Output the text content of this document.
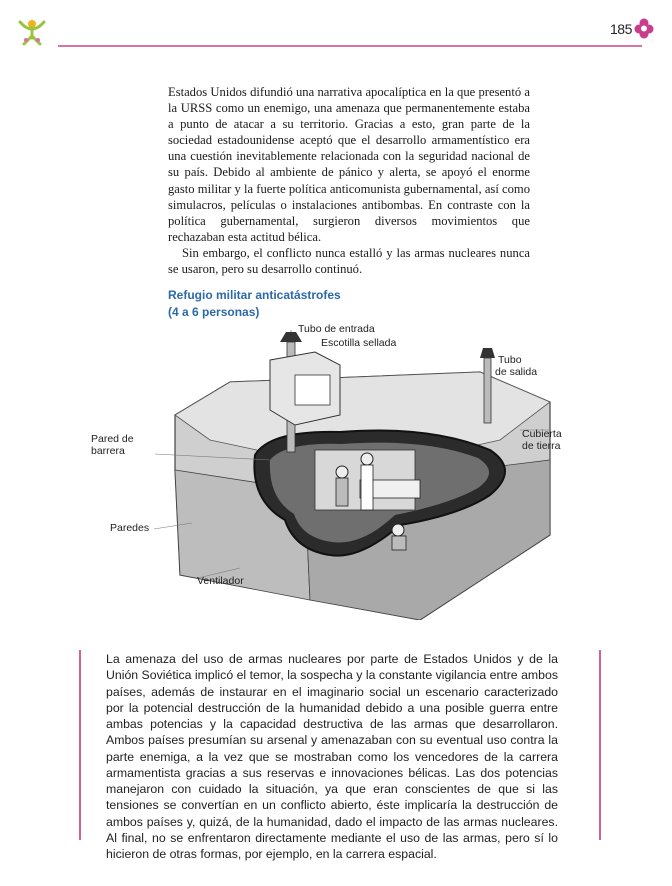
185

Estados Unidos difundió una narrativa apocalíptica en la que presentó a la URSS como un enemigo, una amenaza que permanentemente estaba a punto de atacar a su territorio. Gracias a esto, gran parte de la sociedad estadounidense aceptó que el desarrollo armamentístico era una cuestión inevitablemente relacionada con la seguridad nacional de su país. Debido al ambiente de pánico y alerta, se apoyó el enorme gasto militar y la fuerte política anticomunista gubernamental, así como simulacros, películas o instalaciones antibombas. En contraste con la política gubernamental, surgieron diversos movimientos que rechazaban esta actitud bélica.

Sin embargo, el conflicto nunca estalló y las armas nucleares nunca se usaron, pero su desarrollo continuó.

Refugio militar anticatástrofes
(4 a 6 personas)
Tubo de entrada
Escotilla sellada
Tubo
de salida
Pared de
barrera
Cubierta
de tierra
Paredes
Ventilador
La amenaza del uso de armas nucleares por parte de Estados Unidos y de la Unión Soviética implicó el temor, la sospecha y la constante vigilancia entre ambos países, además de instaurar en el imaginario social un escenario caracterizado por la potencial destrucción de la humanidad debido a una posible guerra entre ambas potencias y la capacidad destructiva de las armas que desarrollaron. Ambos países presumían su arsenal y amenazaban con su eventual uso contra la parte enemiga, a la vez que se mostraban como los vencedores de la carrera armamentista gracias a sus reservas e innovaciones bélicas. Las dos potencias manejaron con cuidado la situación, ya que eran conscientes de que si las tensiones se convertían en un conflicto abierto, éste implicaría la destrucción de ambos países y, quizá, de la humanidad, dado el impacto de las armas nucleares. Al final, no se enfrentaron directamente mediante el uso de las armas, pero sí lo hicieron de otras formas, por ejemplo, en la carrera espacial.
